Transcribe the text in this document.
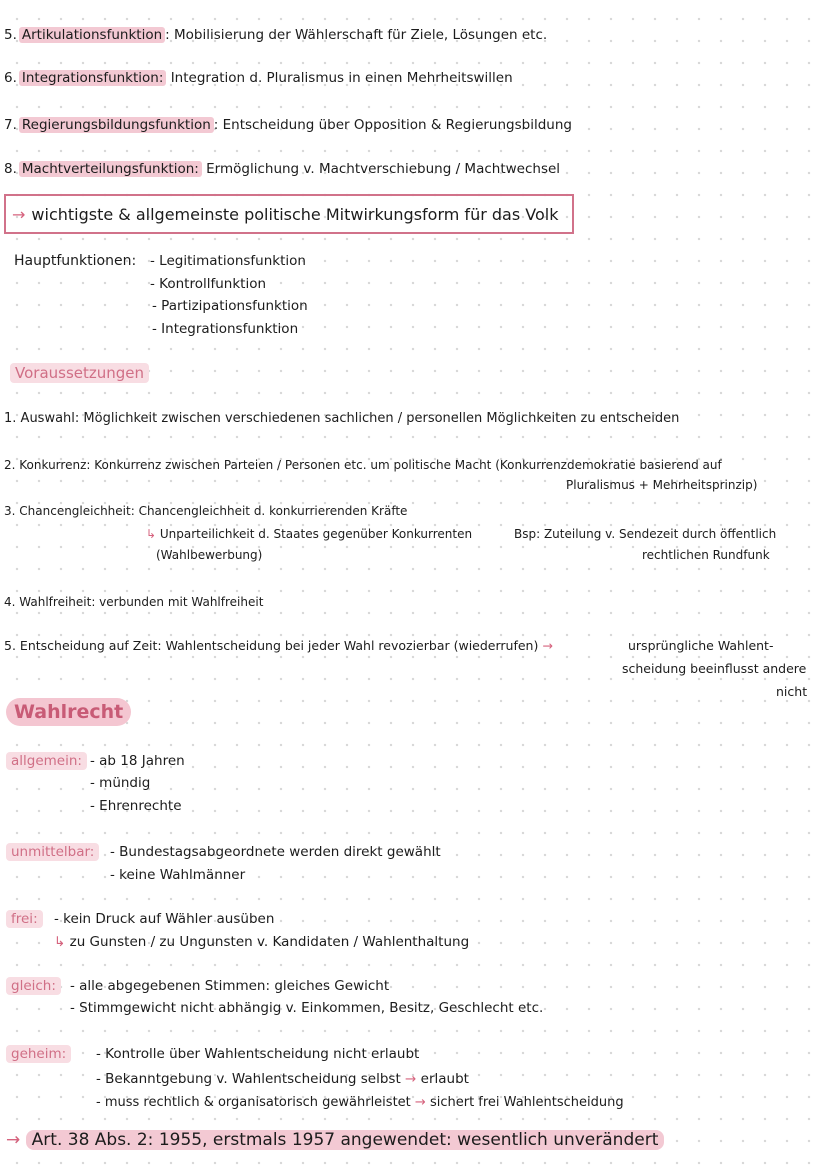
5. Artikulationsfunktion : Mobilisierung der Wählerschaft für Ziele, Lösungen etc.
6. Integrationsfunktion: Integration d. Pluralismus in einen Mehrheitswillen
7. Regierungsbildungsfunktion : Entscheidung über Opposition & Regierungsbildung
8. Machtverteilungsfunktion: Ermöglichung v. Machtverschiebung / Machtwechsel
→ wichtigste & allgemeinste politische Mitwirkungsform für das Volk
Hauptfunktionen: - Legitimationsfunktion
- Kontrollfunktion
- Partizipationsfunktion
- Integrationsfunktion
Voraussetzungen
1. Auswahl: Möglichkeit zwischen verschiedenen sachlichen / personellen Möglichkeiten zu entscheiden
2. Konkurrenz: Konkurrenz zwischen Parteien / Personen etc. um politische Macht (Konkurrenzdemokratie basierend auf
Pluralismus + Mehrheitsprinzip)
3. Chancengleichheit: Chancengleichheit d. konkurrierenden Kräfte
↳ Unparteilichkeit d. Staates gegenüber Konkurrenten
(Wahlbewerbung)
Bsp: Zuteilung v. Sendezeit durch öffentlich
rechtlichen Rundfunk
4. Wahlfreiheit: verbunden mit Wahlfreiheit
5. Entscheidung auf Zeit: Wahlentscheidung bei jeder Wahl revozierbar (wiederrufen) →	ursprüngliche Wahlent-
scheidung beeinflusst andere
nicht
Wahlrecht
allgemein: - ab 18 Jahren
- mündig
- Ehrenrechte
unmittelbar:	- Bundestagsabgeordnete werden direkt gewählt
- keine Wahlmänner
frei:	- kein Druck auf Wähler ausüben
↳ zu Gunsten / zu Ungunsten v. Kandidaten / Wahlenthaltung
gleich:	- alle abgegebenen Stimmen: gleiches Gewicht
- Stimmgewicht nicht abhängig v. Einkommen, Besitz, Geschlecht etc.
geheim:	- Kontrolle über Wahlentscheidung nicht erlaubt
- Bekanntgebung v. Wahlentscheidung selbst → erlaubt
- muss rechtlich & organisatorisch gewährleistet → sichert frei Wahlentscheidung
→ Art. 38 Abs. 2: 1955, erstmals 1957 angewendet: wesentlich unverändert
